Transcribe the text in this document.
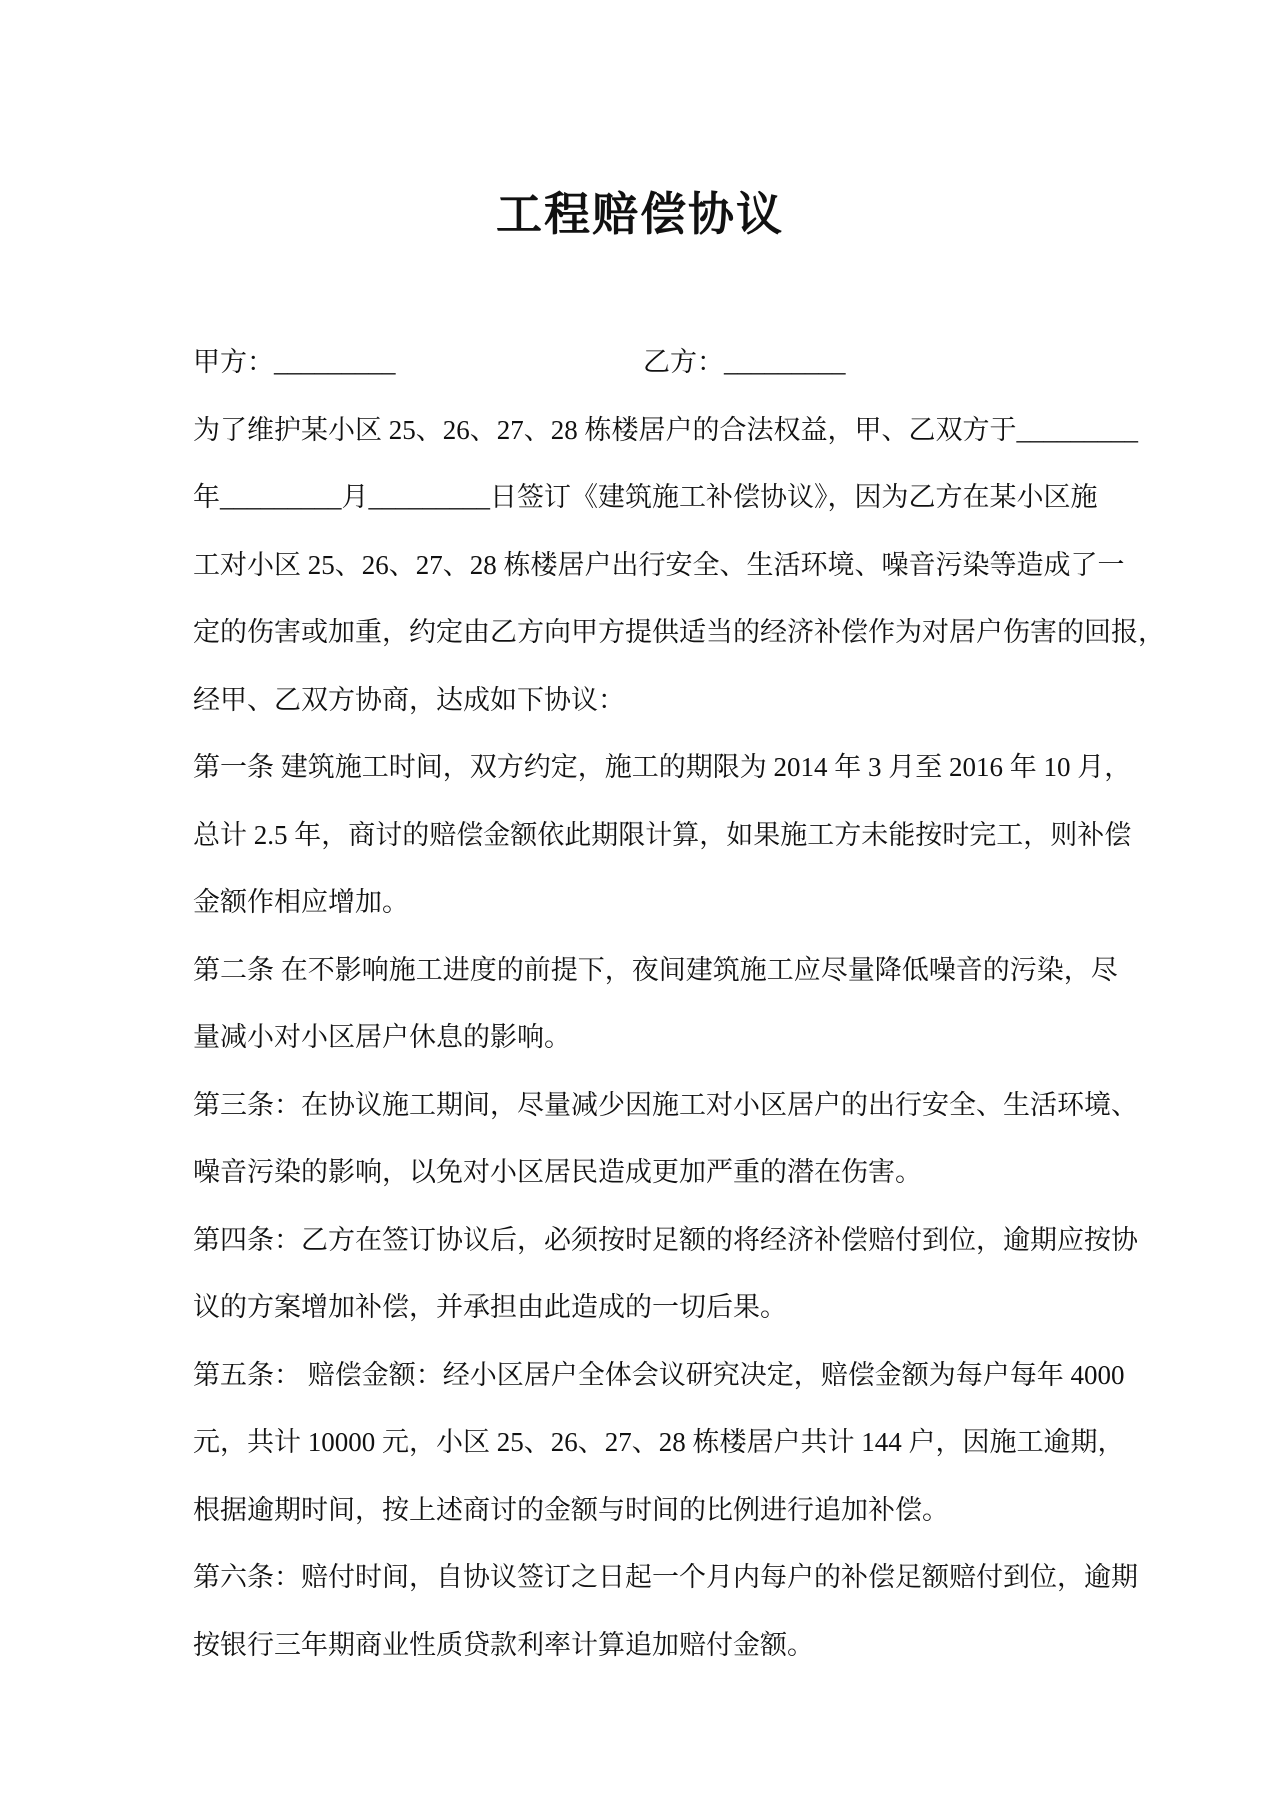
工程赔偿协议
甲方：_________	乙方：_________
为了维护某小区 25、26、27、28 栋楼居户的合法权益，甲、乙双方于_________
年_________月_________日签订《建筑施工补偿协议》，因为乙方在某小区施
工对小区 25、26、27、28 栋楼居户出行安全、生活环境、噪音污染等造成了一
定的伤害或加重，约定由乙方向甲方提供适当的经济补偿作为对居户伤害的回报，
经甲、乙双方协商，达成如下协议：
第一条 建筑施工时间，双方约定，施工的期限为 2014 年 3 月至 2016 年 10 月，
总计 2.5 年，商讨的赔偿金额依此期限计算，如果施工方未能按时完工，则补偿
金额作相应增加。
第二条 在不影响施工进度的前提下，夜间建筑施工应尽量降低噪音的污染，尽
量减小对小区居户休息的影响。
第三条：在协议施工期间，尽量减少因施工对小区居户的出行安全、生活环境、
噪音污染的影响，以免对小区居民造成更加严重的潜在伤害。
第四条：乙方在签订协议后，必须按时足额的将经济补偿赔付到位，逾期应按协
议的方案增加补偿，并承担由此造成的一切后果。
第五条： 赔偿金额：经小区居户全体会议研究决定，赔偿金额为每户每年 4000
元，共计 10000 元，小区 25、26、27、28 栋楼居户共计 144 户，因施工逾期，
根据逾期时间，按上述商讨的金额与时间的比例进行追加补偿。
第六条：赔付时间，自协议签订之日起一个月内每户的补偿足额赔付到位，逾期
按银行三年期商业性质贷款利率计算追加赔付金额。
